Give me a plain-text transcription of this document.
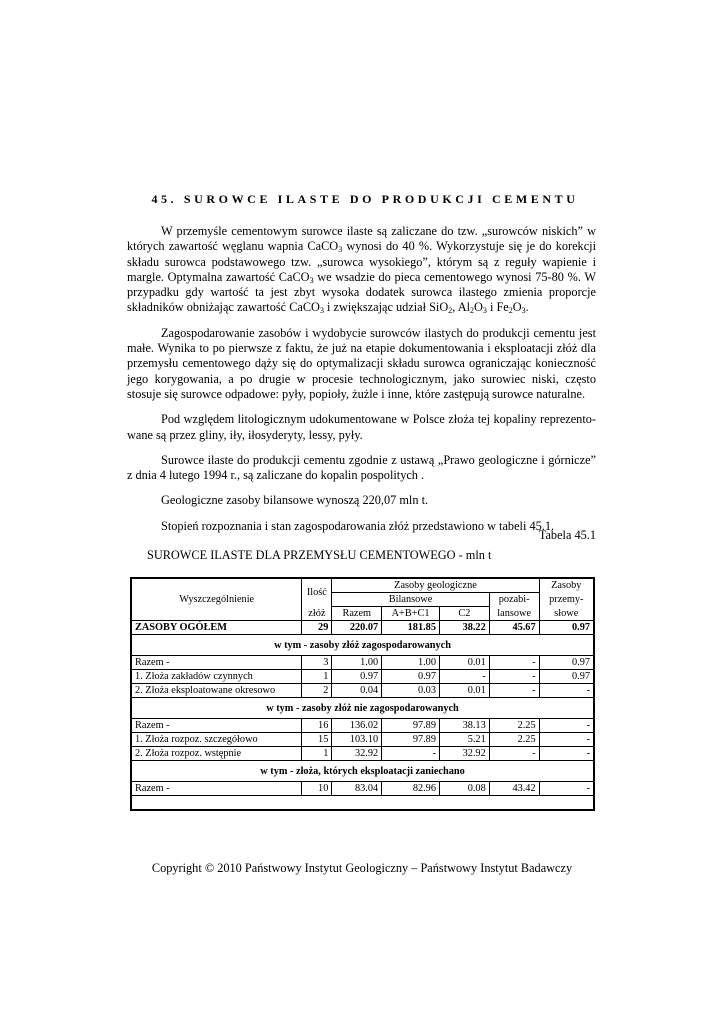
45. SUROWCE ILASTE DO PRODUKCJI CEMENTU

W przemyśle cementowym surowce ilaste są zaliczane do tzw. „surowców niskich” w których zawartość węglanu wapnia CaCO$_3$ wynosi do 40 %. Wykorzystuje się je do korekcji składu surowca podstawowego tzw. „surowca wysokiego”, którym są z reguły wapienie i margle. Optymalna zawartość CaCO$_3$ we wsadzie do pieca cementowego wynosi 75-80 %. W przypadku gdy wartość ta jest zbyt wysoka dodatek surowca ilastego zmienia proporcje składników obniżając zawartość CaCO$_3$ i zwiększając udział SiO$_2$, $Al_2O_3$ i $Fe_2O_3$.

Zagospodarowanie zasobów i wydobycie surowców ilastych do produkcji cementu jest małe. Wynika to po pierwsze z faktu, że już na etapie dokumentowania i eksploatacji złóż dla przemysłu cementowego dąży się do optymalizacji składu surowca ograniczając konieczność jego korygowania, a po drugie w procesie technologicznym, jako surowiec niski, często stosuje się surowce odpadowe: pyły, popioły, żużle i inne, które zastępują surowce naturalne.

Pod względem litologicznym udokumentowane w Polsce złoża tej kopaliny reprezento-wane są przez gliny, iły, iłosyderyty, lessy, pyły.

Surowce ilaste do produkcji cementu zgodnie z ustawą „Prawo geologiczne i górnicze” z dnia 4 lutego 1994 r., są zaliczane do kopalin pospolitych .

Geologiczne zasoby bilansowe wynoszą 220,07 mln t.

Stopień rozpoznania i stan zagospodarowania złóż przedstawiono w tabeli 45.1.

Tabela 45.1
SUROWCE ILASTE DLA PRZEMYSŁU CEMENTOWEGO - mln t
Wyszczególnienie	Ilość	Zasoby geologiczne				Zasoby
		Bilansowe			pozabi-	przemy-
	złóż	Razem	A+B+C1	C2	lansowe	słowe
ZASOBY OGÓŁEM	29	220.07	181.85	38.22	45.67	0.97
w tym - zasoby złóż zagospodarowanych						
Razem -	3	1.00	1.00	0.01	-	0.97
1. Złoża zakładów czynnych	1	0.97	0.97	-	-	0.97
2. Złoża eksploatowane okresowo	2	0.04	0.03	0.01	-	-
w tym - zasoby złóż nie zagospodarowanych						
Razem -	16	136.02	97.89	38.13	2.25	-
1. Złoża rozpoz. szczegółowo	15	103.10	97.89	5.21	2.25	-
2. Złoża rozpoz. wstępnie	1	32.92	-	32.92	-	-
w tym - złoża, których eksploatacji zaniechano						
Razem -	10	83.04	82.96	0.08	43.42	-

Copyright © 2010 Państwowy Instytut Geologiczny – Państwowy Instytut Badawczy
